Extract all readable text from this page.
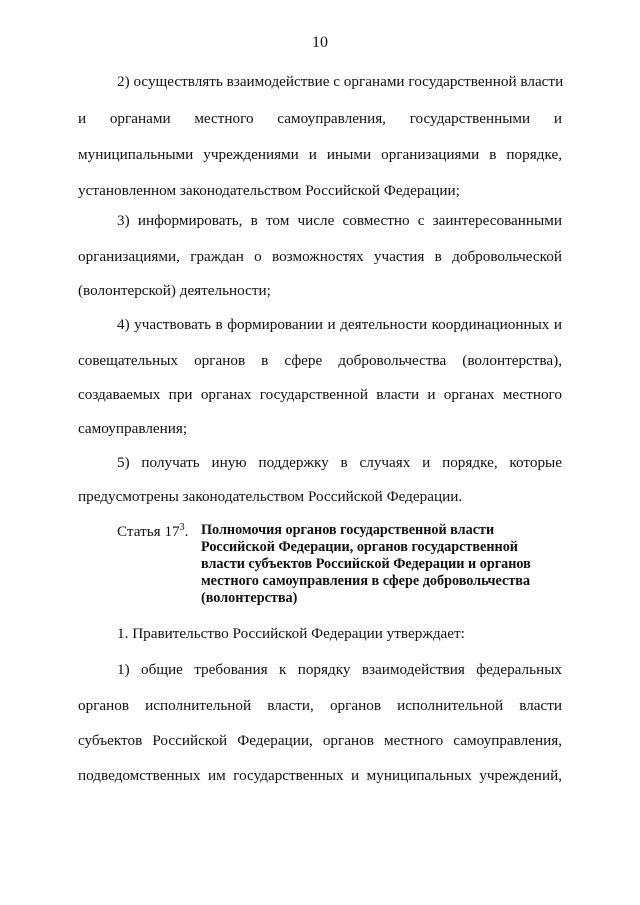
10
2) осуществлять взаимодействие с органами государственной власти
и органами местного самоуправления, государственными и
муниципальными учреждениями и иными организациями в порядке,
установленном законодательством Российской Федерации;
3) информировать, в том числе совместно с заинтересованными
организациями, граждан о возможностях участия в добровольческой
(волонтерской) деятельности;
4) участвовать в формировании и деятельности координационных и
совещательных органов в сфере добровольчества (волонтерства),
создаваемых при органах государственной власти и органах местного
самоуправления;
5) получать иную поддержку в случаях и порядке, которые
предусмотрены законодательством Российской Федерации.
Статья $17^3$. Полномочия органов государственной власти
Российской Федерации, органов государственной
власти субъектов Российской Федерации и органов
местного самоуправления в сфере добровольчества
(волонтерства)
1. Правительство Российской Федерации утверждает:
1) общие требования к порядку взаимодействия федеральных
органов исполнительной власти, органов исполнительной власти
субъектов Российской Федерации, органов местного самоуправления,
подведомственных им государственных и муниципальных учреждений,
